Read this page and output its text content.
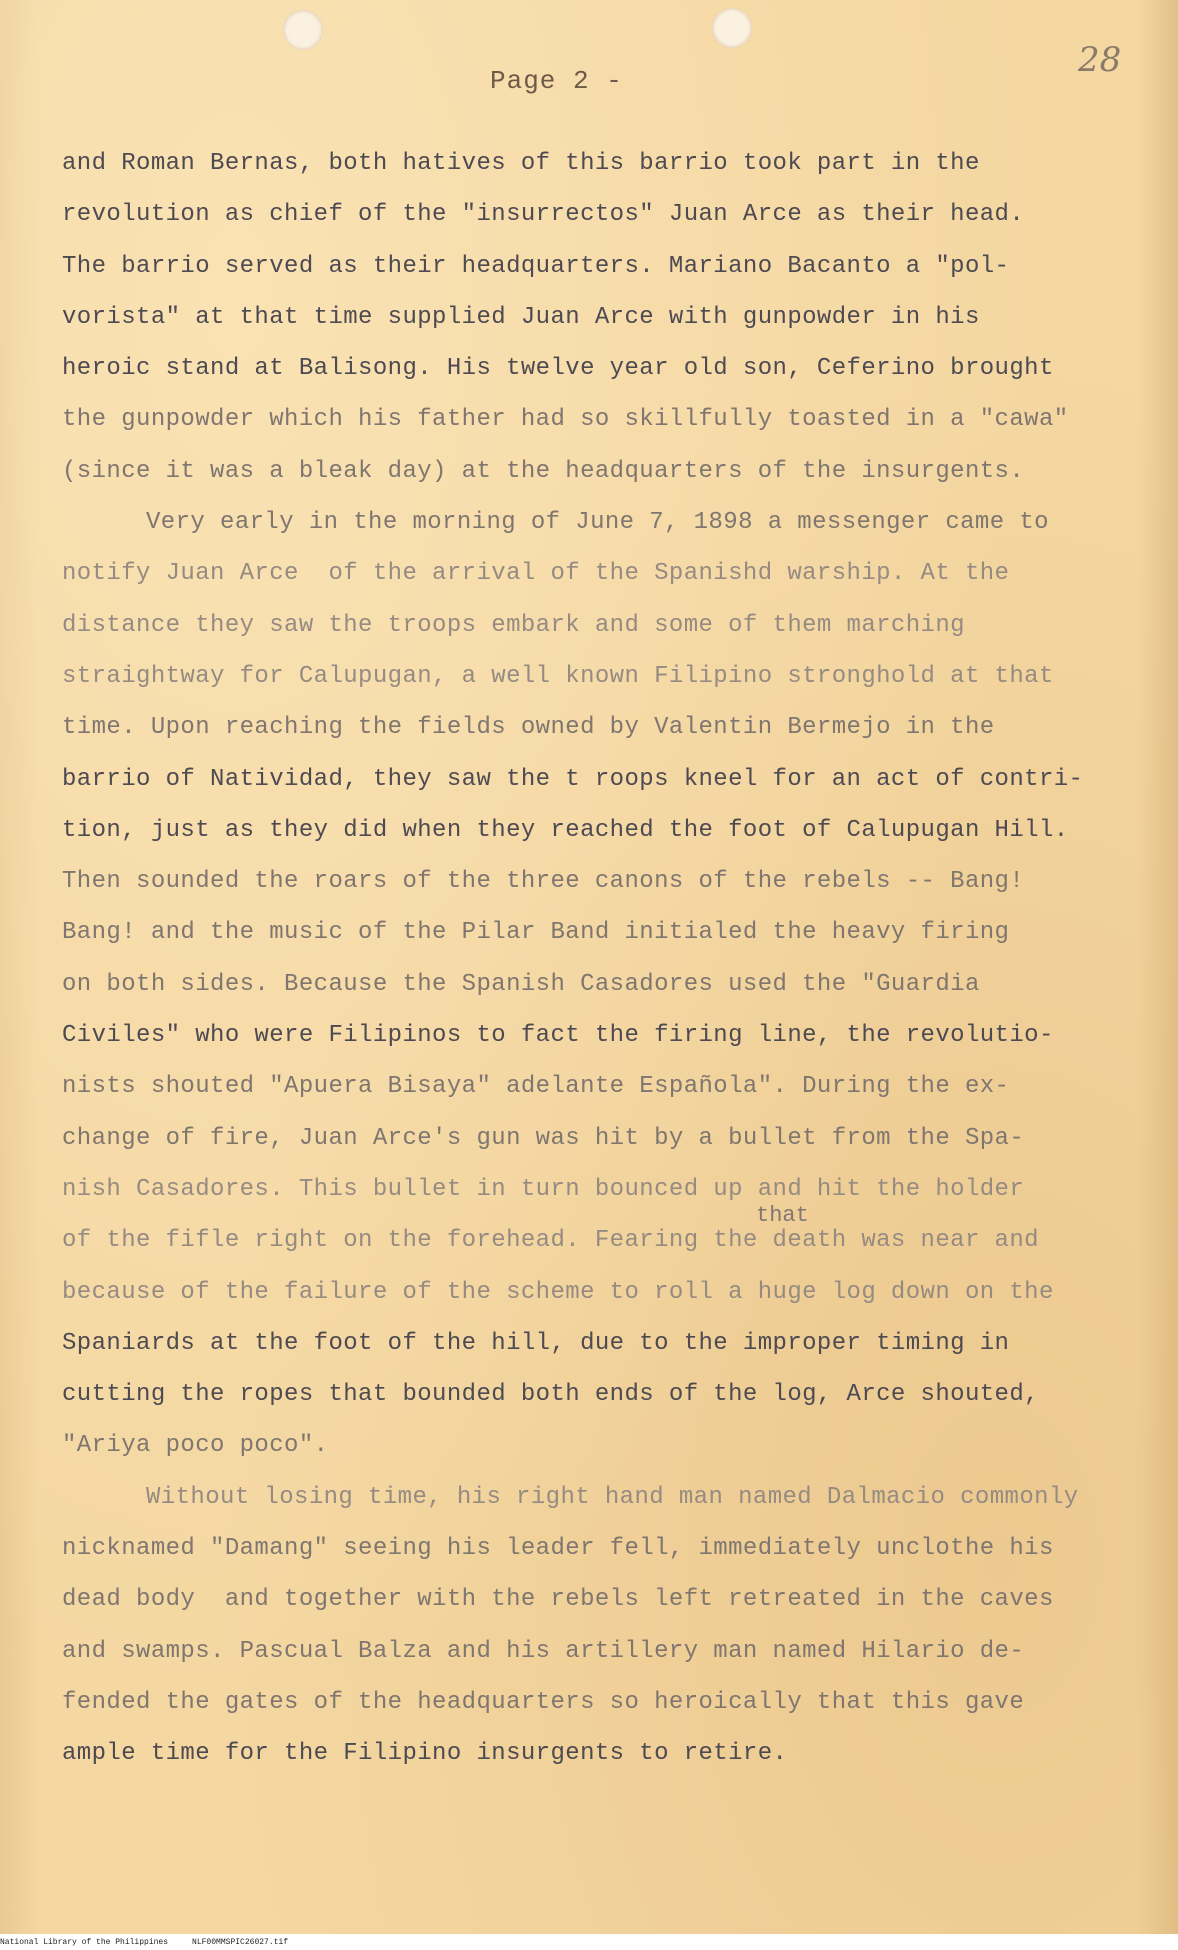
Page 2 -
28
that
and Roman Bernas, both hatives of this barrio took part in the
revolution as chief of the "insurrectos" Juan Arce as their head.
The barrio served as their headquarters. Mariano Bacanto a "pol-
vorista" at that time supplied Juan Arce with gunpowder in his
heroic stand at Balisong. His twelve year old son, Ceferino brought
the gunpowder which his father had so skillfully toasted in a "cawa"
(since it was a bleak day) at the headquarters of the insurgents.
Very early in the morning of June 7, 1898 a messenger came to
notify Juan Arce  of the arrival of the Spanishd warship. At the
distance they saw the troops embark and some of them marching
straightway for Calupugan, a well known Filipino stronghold at that
time. Upon reaching the fields owned by Valentin Bermejo in the
barrio of Natividad, they saw the t roops kneel for an act of contri-
tion, just as they did when they reached the foot of Calupugan Hill.
Then sounded the roars of the three canons of the rebels -- Bang!
Bang! and the music of the Pilar Band initialed the heavy firing
on both sides. Because the Spanish Casadores used the "Guardia
Civiles" who were Filipinos to fact the firing line, the revolutio-
nists shouted "Apuera Bisaya" adelante Española". During the ex-
change of fire, Juan Arce's gun was hit by a bullet from the Spa-
nish Casadores. This bullet in turn bounced up and hit the holder
of the fifle right on the forehead. Fearing the death was near and
because of the failure of the scheme to roll a huge log down on the
Spaniards at the foot of the hill, due to the improper timing in
cutting the ropes that bounded both ends of the log, Arce shouted,
"Ariya poco poco".
Without losing time, his right hand man named Dalmacio commonly
nicknamed "Damang" seeing his leader fell, immediately unclothe his
dead body  and together with the rebels left retreated in the caves
and swamps. Pascual Balza and his artillery man named Hilario de-
fended the gates of the headquarters so heroically that this gave
ample time for the Filipino insurgents to retire.
National Library of the Philippines     NLF00MMSPIC26027.tif
